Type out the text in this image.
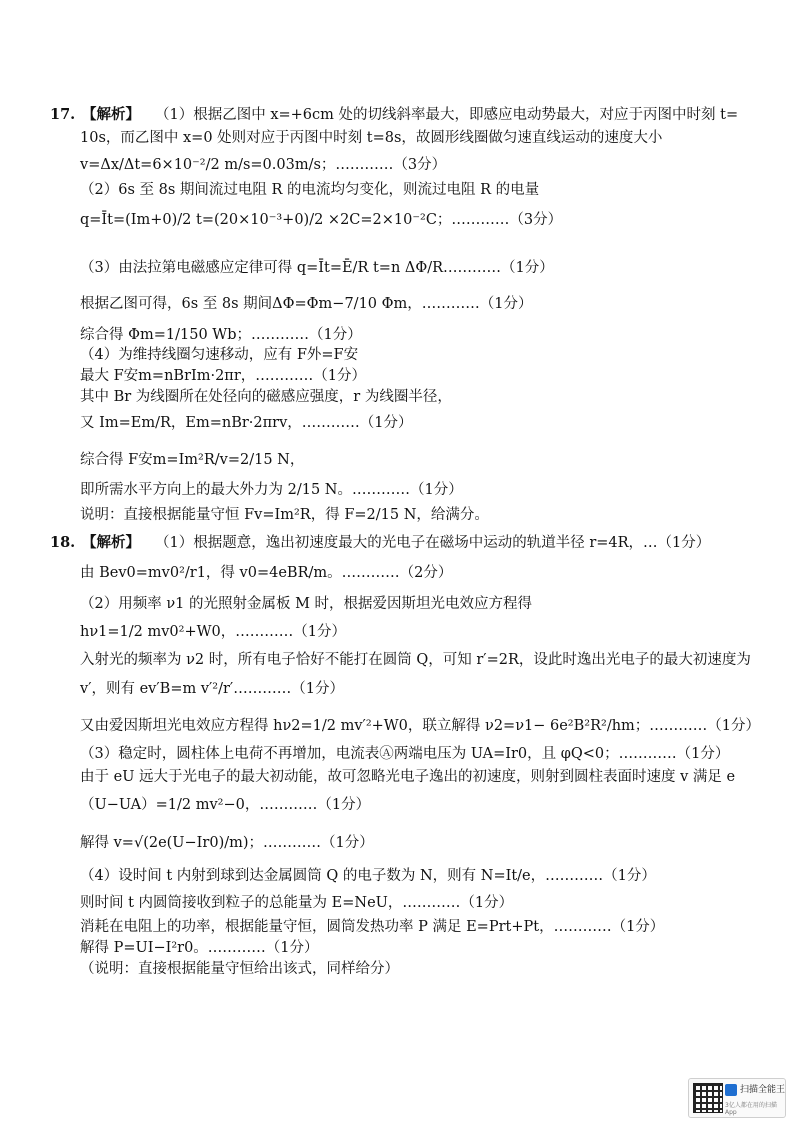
17. 【解析】 （1）根据乙图中 x=+6cm 处的切线斜率最大，即感应电动势最大，对应于丙图中时刻 t=
10s，而乙图中 x=0 处则对应于丙图中时刻 t=8s，故圆形线圈做匀速直线运动的速度大小
v=Δx/Δt=6×10⁻²/2 m/s=0.03m/s；…………（3分）
（2）6s 至 8s 期间流过电阻 R 的电流均匀变化，则流过电阻 R 的电量
q=Īt=(Im+0)/2 t=(20×10⁻³+0)/2 ×2C=2×10⁻²C；…………（3分）
（3）由法拉第电磁感应定律可得 q=Īt=Ē/R t=n ΔΦ/R…………（1分）
根据乙图可得，6s 至 8s 期间ΔΦ=Φm−7/10 Φm，…………（1分）
综合得 Φm=1/150 Wb；…………（1分）
（4）为维持线圈匀速移动，应有 F外=F安
最大 F安m=nBrIm·2πr，…………（1分）
其中 Br 为线圈所在处径向的磁感应强度，r 为线圈半径，
又 Im=Em/R，Em=nBr·2πrv，…………（1分）
综合得 F安m=Im²R/v=2/15 N，
即所需水平方向上的最大外力为 2/15 N。…………（1分）
说明：直接根据能量守恒 Fv=Im²R，得 F=2/15 N，给满分。
18. 【解析】 （1）根据题意，逸出初速度最大的光电子在磁场中运动的轨道半径 r=4R，…（1分）
由 Bev0=mv0²/r1，得 v0=4eBR/m。…………（2分）
（2）用频率 ν1 的光照射金属板 M 时，根据爱因斯坦光电效应方程得
hν1=1/2 mv0²+W0，…………（1分）
入射光的频率为 ν2 时，所有电子恰好不能打在圆筒 Q，可知 r′=2R，设此时逸出光电子的最大初速度为
v′，则有 ev′B=m v′²/r′…………（1分）
又由爱因斯坦光电效应方程得 hν2=1/2 mv′²+W0，联立解得 ν2=ν1− 6e²B²R²/hm；…………（1分）
（3）稳定时，圆柱体上电荷不再增加，电流表Ⓐ两端电压为 UA=Ir0，且 φQ<0；…………（1分）
由于 eU 远大于光电子的最大初动能，故可忽略光电子逸出的初速度，则射到圆柱表面时速度 v 满足 e
（U−UA）=1/2 mv²−0，…………（1分）
解得 v=√(2e(U−Ir0)/m)；…………（1分）
（4）设时间 t 内射到球到达金属圆筒 Q 的电子数为 N，则有 N=It/e，…………（1分）
则时间 t 内圆筒接收到粒子的总能量为 E=NeU，…………（1分）
消耗在电阻上的功率，根据能量守恒，圆筒发热功率 P 满足 E=Prt+Pt，…………（1分）
解得 P=UI−I²r0。…………（1分）
（说明：直接根据能量守恒给出该式，同样给分）
扫描全能王
3亿人都在用的扫描App
